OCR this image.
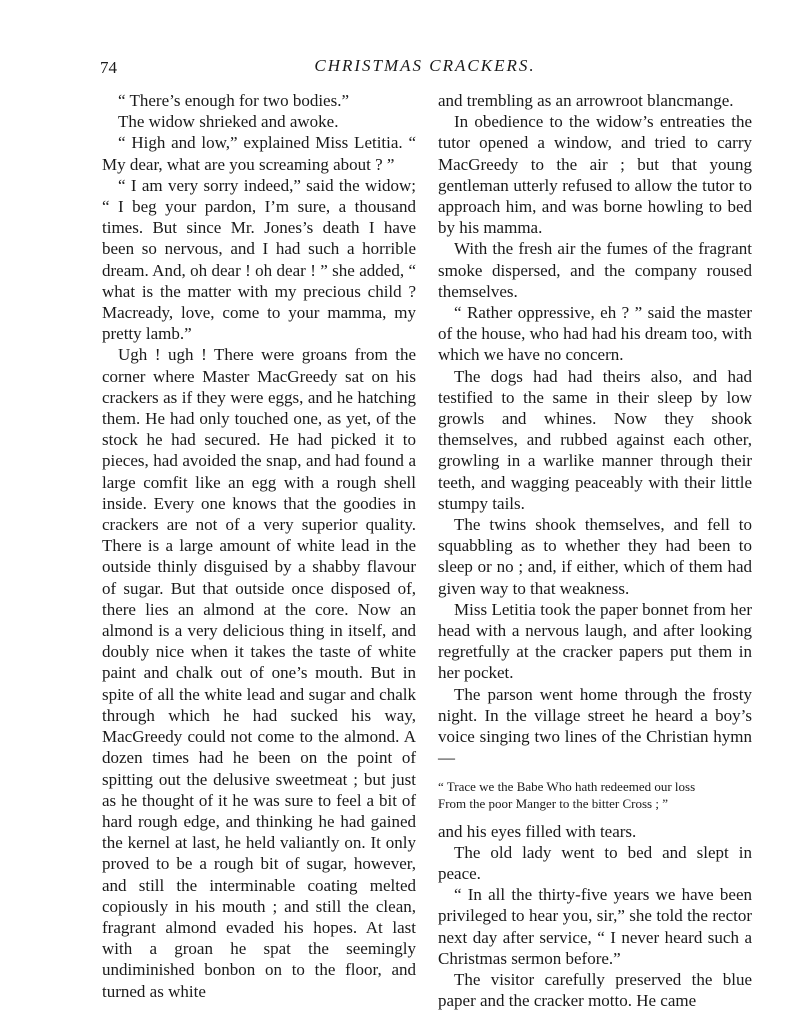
74	CHRISTMAS CRACKERS.

“ There’s enough for two bodies.”

The widow shrieked and awoke.

“ High and low,” explained Miss Letitia. “ My dear, what are you screaming about ? ”

“ I am very sorry indeed,” said the widow; “ I beg your pardon, I’m sure, a thousand times. But since Mr. Jones’s death I have been so nervous, and I had such a horrible dream. And, oh dear ! oh dear ! ” she added, “ what is the matter with my precious child ? Macready, love, come to your mamma, my pretty lamb.”

Ugh ! ugh ! There were groans from the corner where Master MacGreedy sat on his crackers as if they were eggs, and he hatching them. He had only touched one, as yet, of the stock he had secured. He had picked it to pieces, had avoided the snap, and had found a large comfit like an egg with a rough shell inside. Every one knows that the goodies in crackers are not of a very superior quality. There is a large amount of white lead in the outside thinly disguised by a shabby flavour of sugar. But that outside once disposed of, there lies an almond at the core. Now an almond is a very delicious thing in itself, and doubly nice when it takes the taste of white paint and chalk out of one’s mouth. But in spite of all the white lead and sugar and chalk through which he had sucked his way, MacGreedy could not come to the almond. A dozen times had he been on the point of spitting out the delusive sweetmeat ; but just as he thought of it he was sure to feel a bit of hard rough edge, and thinking he had gained the kernel at last, he held valiantly on. It only proved to be a rough bit of sugar, however, and still the interminable coating melted copiously in his mouth ; and still the clean, fragrant almond evaded his hopes. At last with a groan he spat the seemingly undiminished bonbon on to the floor, and turned as white

and trembling as an arrowroot blancmange.

In obedience to the widow’s entreaties the tutor opened a window, and tried to carry MacGreedy to the air ; but that young gentleman utterly refused to allow the tutor to approach him, and was borne howling to bed by his mamma.

With the fresh air the fumes of the fragrant smoke dispersed, and the company roused themselves.

“ Rather oppressive, eh ? ” said the master of the house, who had had his dream too, with which we have no concern.

The dogs had had theirs also, and had testified to the same in their sleep by low growls and whines. Now they shook themselves, and rubbed against each other, growling in a warlike manner through their teeth, and wagging peaceably with their little stumpy tails.

The twins shook themselves, and fell to squabbling as to whether they had been to sleep or no ; and, if either, which of them had given way to that weakness.

Miss Letitia took the paper bonnet from her head with a nervous laugh, and after looking regretfully at the cracker papers put them in her pocket.

The parson went home through the frosty night. In the village street he heard a boy’s voice singing two lines of the Christian hymn—

“ Trace we the Babe Who hath redeemed our loss
From the poor Manger to the bitter Cross ; ”

and his eyes filled with tears.

The old lady went to bed and slept in peace.

“ In all the thirty-five years we have been privileged to hear you, sir,” she told the rector next day after service, “ I never heard such a Christmas sermon before.”

The visitor carefully preserved the blue paper and the cracker motto. He came
